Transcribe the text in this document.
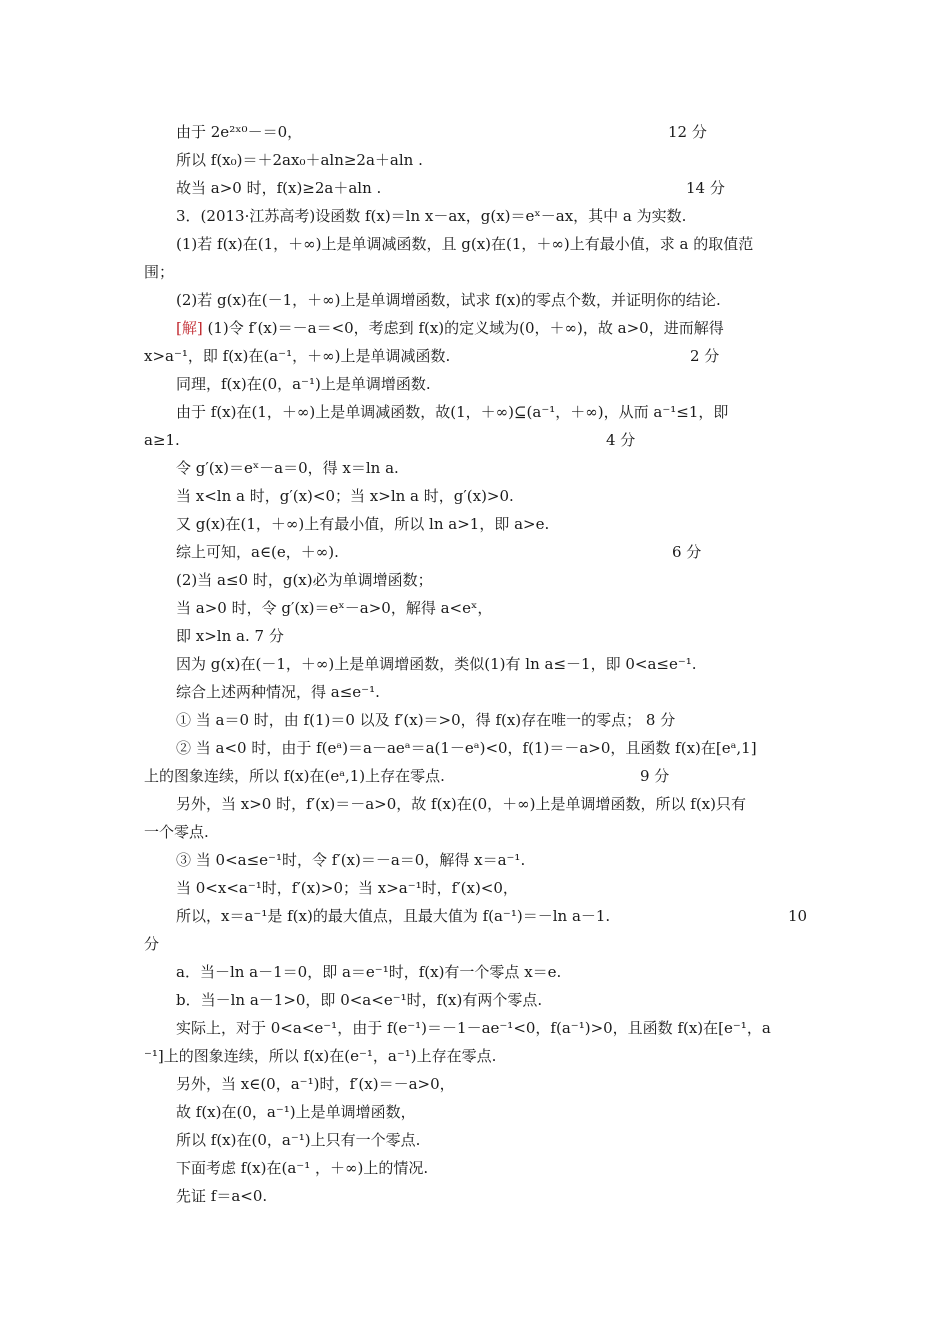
由于 2e²ˣ⁰－＝0，	12 分
所以 f(x₀)＝＋2ax₀＋aln≥2a＋aln .
故当 a>0 时，f(x)≥2a＋aln .	14 分
3．(2013·江苏高考)设函数 f(x)＝ln x－ax，g(x)＝eˣ－ax，其中 a 为实数.
(1)若 f(x)在(1，＋∞)上是单调减函数，且 g(x)在(1，＋∞)上有最小值，求 a 的取值范
围；
(2)若 g(x)在(－1，＋∞)上是单调增函数，试求 f(x)的零点个数，并证明你的结论.
[解] (1)令 f′(x)＝－a＝<0，考虑到 f(x)的定义域为(0，＋∞)，故 a>0，进而解得
x>a⁻¹，即 f(x)在(a⁻¹，＋∞)上是单调减函数.	2 分
同理，f(x)在(0，a⁻¹)上是单调增函数.
由于 f(x)在(1，＋∞)上是单调减函数，故(1，＋∞)⊆(a⁻¹，＋∞)，从而 a⁻¹≤1，即
a≥1.	4 分
令 g′(x)＝eˣ－a＝0，得 x＝ln a.
当 x<ln a 时，g′(x)<0；当 x>ln a 时，g′(x)>0.
又 g(x)在(1，＋∞)上有最小值，所以 ln a>1，即 a>e.
综上可知，a∈(e，＋∞).	6 分
(2)当 a≤0 时，g(x)必为单调增函数；
当 a>0 时，令 g′(x)＝eˣ－a>0，解得 a<eˣ，
即 x>ln a. 7 分
因为 g(x)在(－1，＋∞)上是单调增函数，类似(1)有 ln a≤－1，即 0<a≤e⁻¹.
综合上述两种情况，得 a≤e⁻¹.
① 当 a＝0 时，由 f(1)＝0 以及 f′(x)＝>0，得 f(x)存在唯一的零点； 8 分
② 当 a<0 时，由于 f(eᵃ)＝a－aeᵃ＝a(1－eᵃ)<0，f(1)＝－a>0，且函数 f(x)在[eᵃ,1]
上的图象连续，所以 f(x)在(eᵃ,1)上存在零点.	9 分
另外，当 x>0 时，f′(x)＝－a>0，故 f(x)在(0，＋∞)上是单调增函数，所以 f(x)只有
一个零点.
③ 当 0<a≤e⁻¹时，令 f′(x)＝－a＝0，解得 x＝a⁻¹.
当 0<x<a⁻¹时，f′(x)>0；当 x>a⁻¹时，f′(x)<0，
所以，x＝a⁻¹是 f(x)的最大值点，且最大值为 f(a⁻¹)＝－ln a－1.	10
分
a．当－ln a－1＝0，即 a＝e⁻¹时，f(x)有一个零点 x＝e.
b．当－ln a－1>0，即 0<a<e⁻¹时，f(x)有两个零点.
实际上，对于 0<a<e⁻¹，由于 f(e⁻¹)＝－1－ae⁻¹<0，f(a⁻¹)>0，且函数 f(x)在[e⁻¹，a
⁻¹]上的图象连续，所以 f(x)在(e⁻¹，a⁻¹)上存在零点.
另外，当 x∈(0，a⁻¹)时，f′(x)＝－a>0，
故 f(x)在(0，a⁻¹)上是单调增函数，
所以 f(x)在(0，a⁻¹)上只有一个零点.
下面考虑 f(x)在(a⁻¹ ，＋∞)上的情况.
先证 f＝a<0.
